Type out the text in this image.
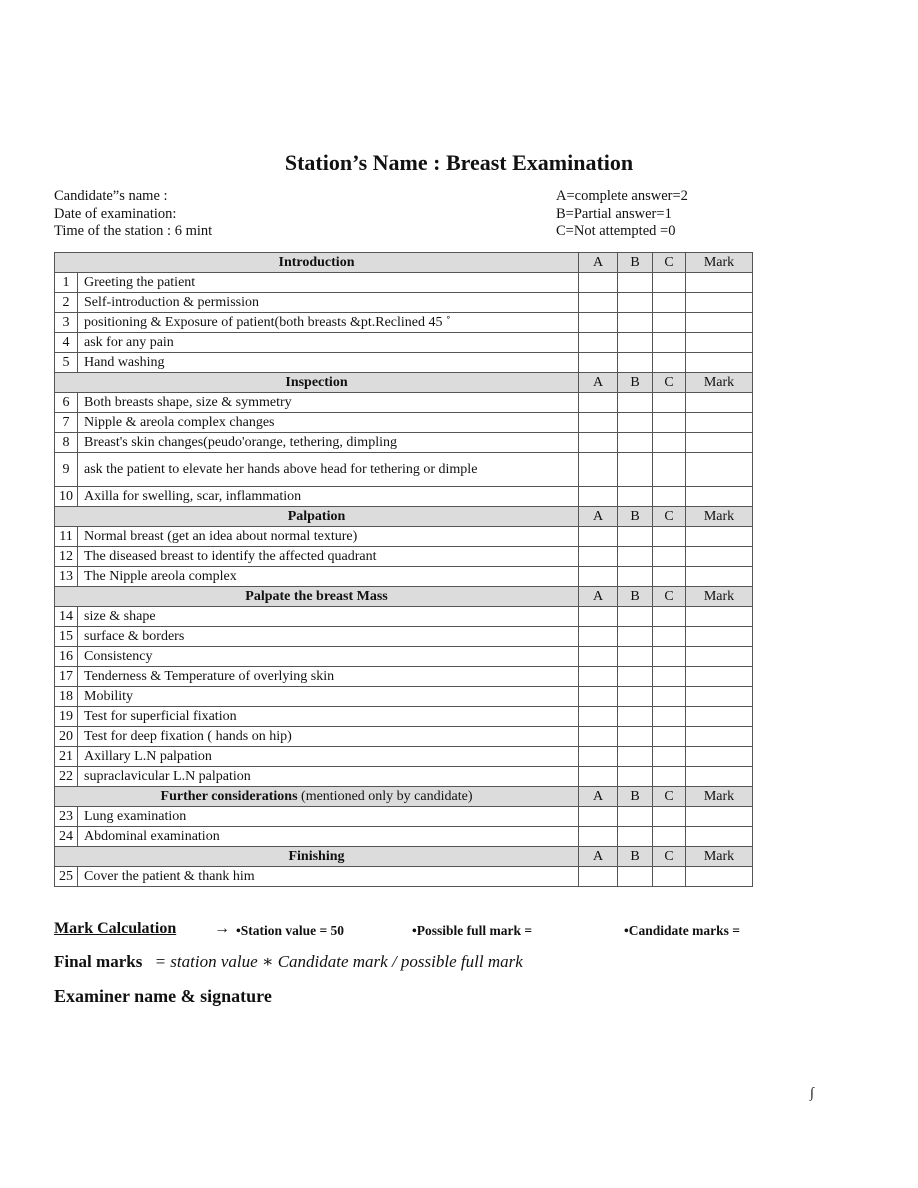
Station’s Name : Breast Examination
Candidate”s name :
Date of examination:
Time of the station : 6 mint
A=complete answer=2
B=Partial answer=1
C=Not attempted =0
Introduction		A	B	C	Mark
1	Greeting the patient				
2	Self-introduction & permission				
3	positioning & Exposure of patient(both breasts &pt.Reclined 45 ˚				
4	ask for any pain				
5	Hand washing				
Inspection		A	B	C	Mark
6	Both breasts shape, size & symmetry				
7	Nipple & areola complex changes				
8	Breast's skin changes(peudo'orange, tethering, dimpling				
9	ask the patient to elevate her hands above head for tethering or dimple				
10	Axilla for swelling, scar, inflammation				
Palpation		A	B	C	Mark
11	Normal breast (get an idea about normal texture)				
12	The diseased breast to identify the affected quadrant				
13	The Nipple areola complex				
Palpate the breast Mass		A	B	C	Mark
14	size & shape				
15	surface & borders				
16	Consistency				
17	Tenderness & Temperature of overlying skin				
18	Mobility				
19	Test for superficial fixation				
20	Test for deep fixation ( hands on hip)				
21	Axillary L.N palpation				
22	supraclavicular L.N palpation				
Further considerations (mentioned only by candidate)		A	B	C	Mark
23	Lung examination				
24	Abdominal examination				
Finishing		A	B	C	Mark
25	Cover the patient & thank him				
Mark Calculation → •Station value = 50	•Possible full mark =	•Candidate marks =
Final marks = station value ∗ Candidate mark / possible full mark
Examiner name & signature
∫
